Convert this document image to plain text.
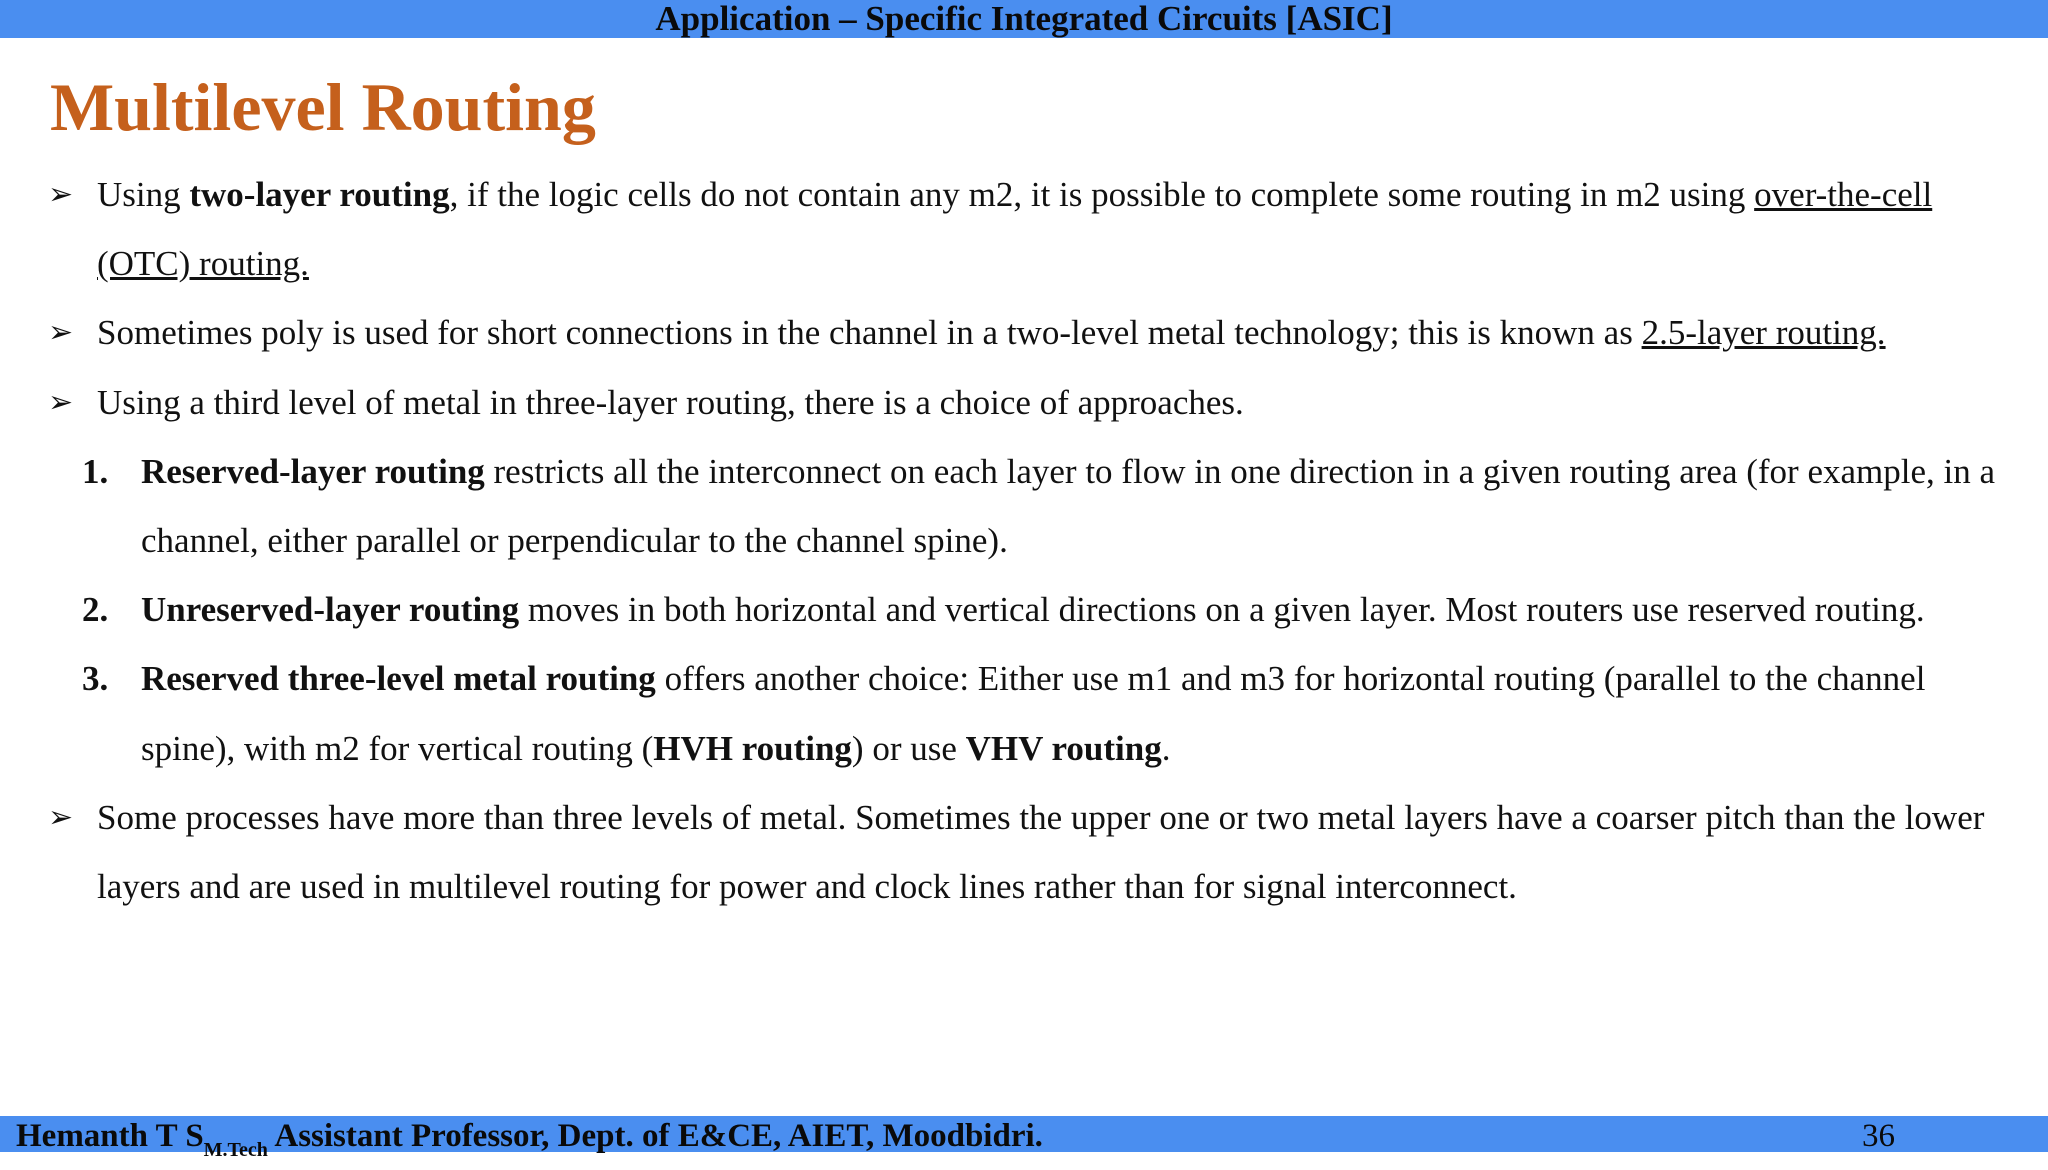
Application – Specific Integrated Circuits [ASIC]
Multilevel Routing
➢ Using two-layer routing, if the logic cells do not contain any m2, it is possible to complete some routing in m2 using over-the-cell (OTC) routing.
➢ Sometimes poly is used for short connections in the channel in a two-level metal technology; this is known as 2.5-layer routing.
➢ Using a third level of metal in three-layer routing, there is a choice of approaches.
1. Reserved-layer routing restricts all the interconnect on each layer to flow in one direction in a given routing area (for example, in a channel, either parallel or perpendicular to the channel spine).
2. Unreserved-layer routing moves in both horizontal and vertical directions on a given layer. Most routers use reserved routing.
3. Reserved three-level metal routing offers another choice: Either use m1 and m3 for horizontal routing (parallel to the channel spine), with m2 for vertical routing (HVH routing) or use VHV routing.
➢ Some processes have more than three levels of metal. Sometimes the upper one or two metal layers have a coarser pitch than the lower layers and are used in multilevel routing for power and clock lines rather than for signal interconnect.
Hemanth T $S_{M.Tech}$ Assistant Professor, Dept. of E&CE, AIET, Moodbidri.	36
